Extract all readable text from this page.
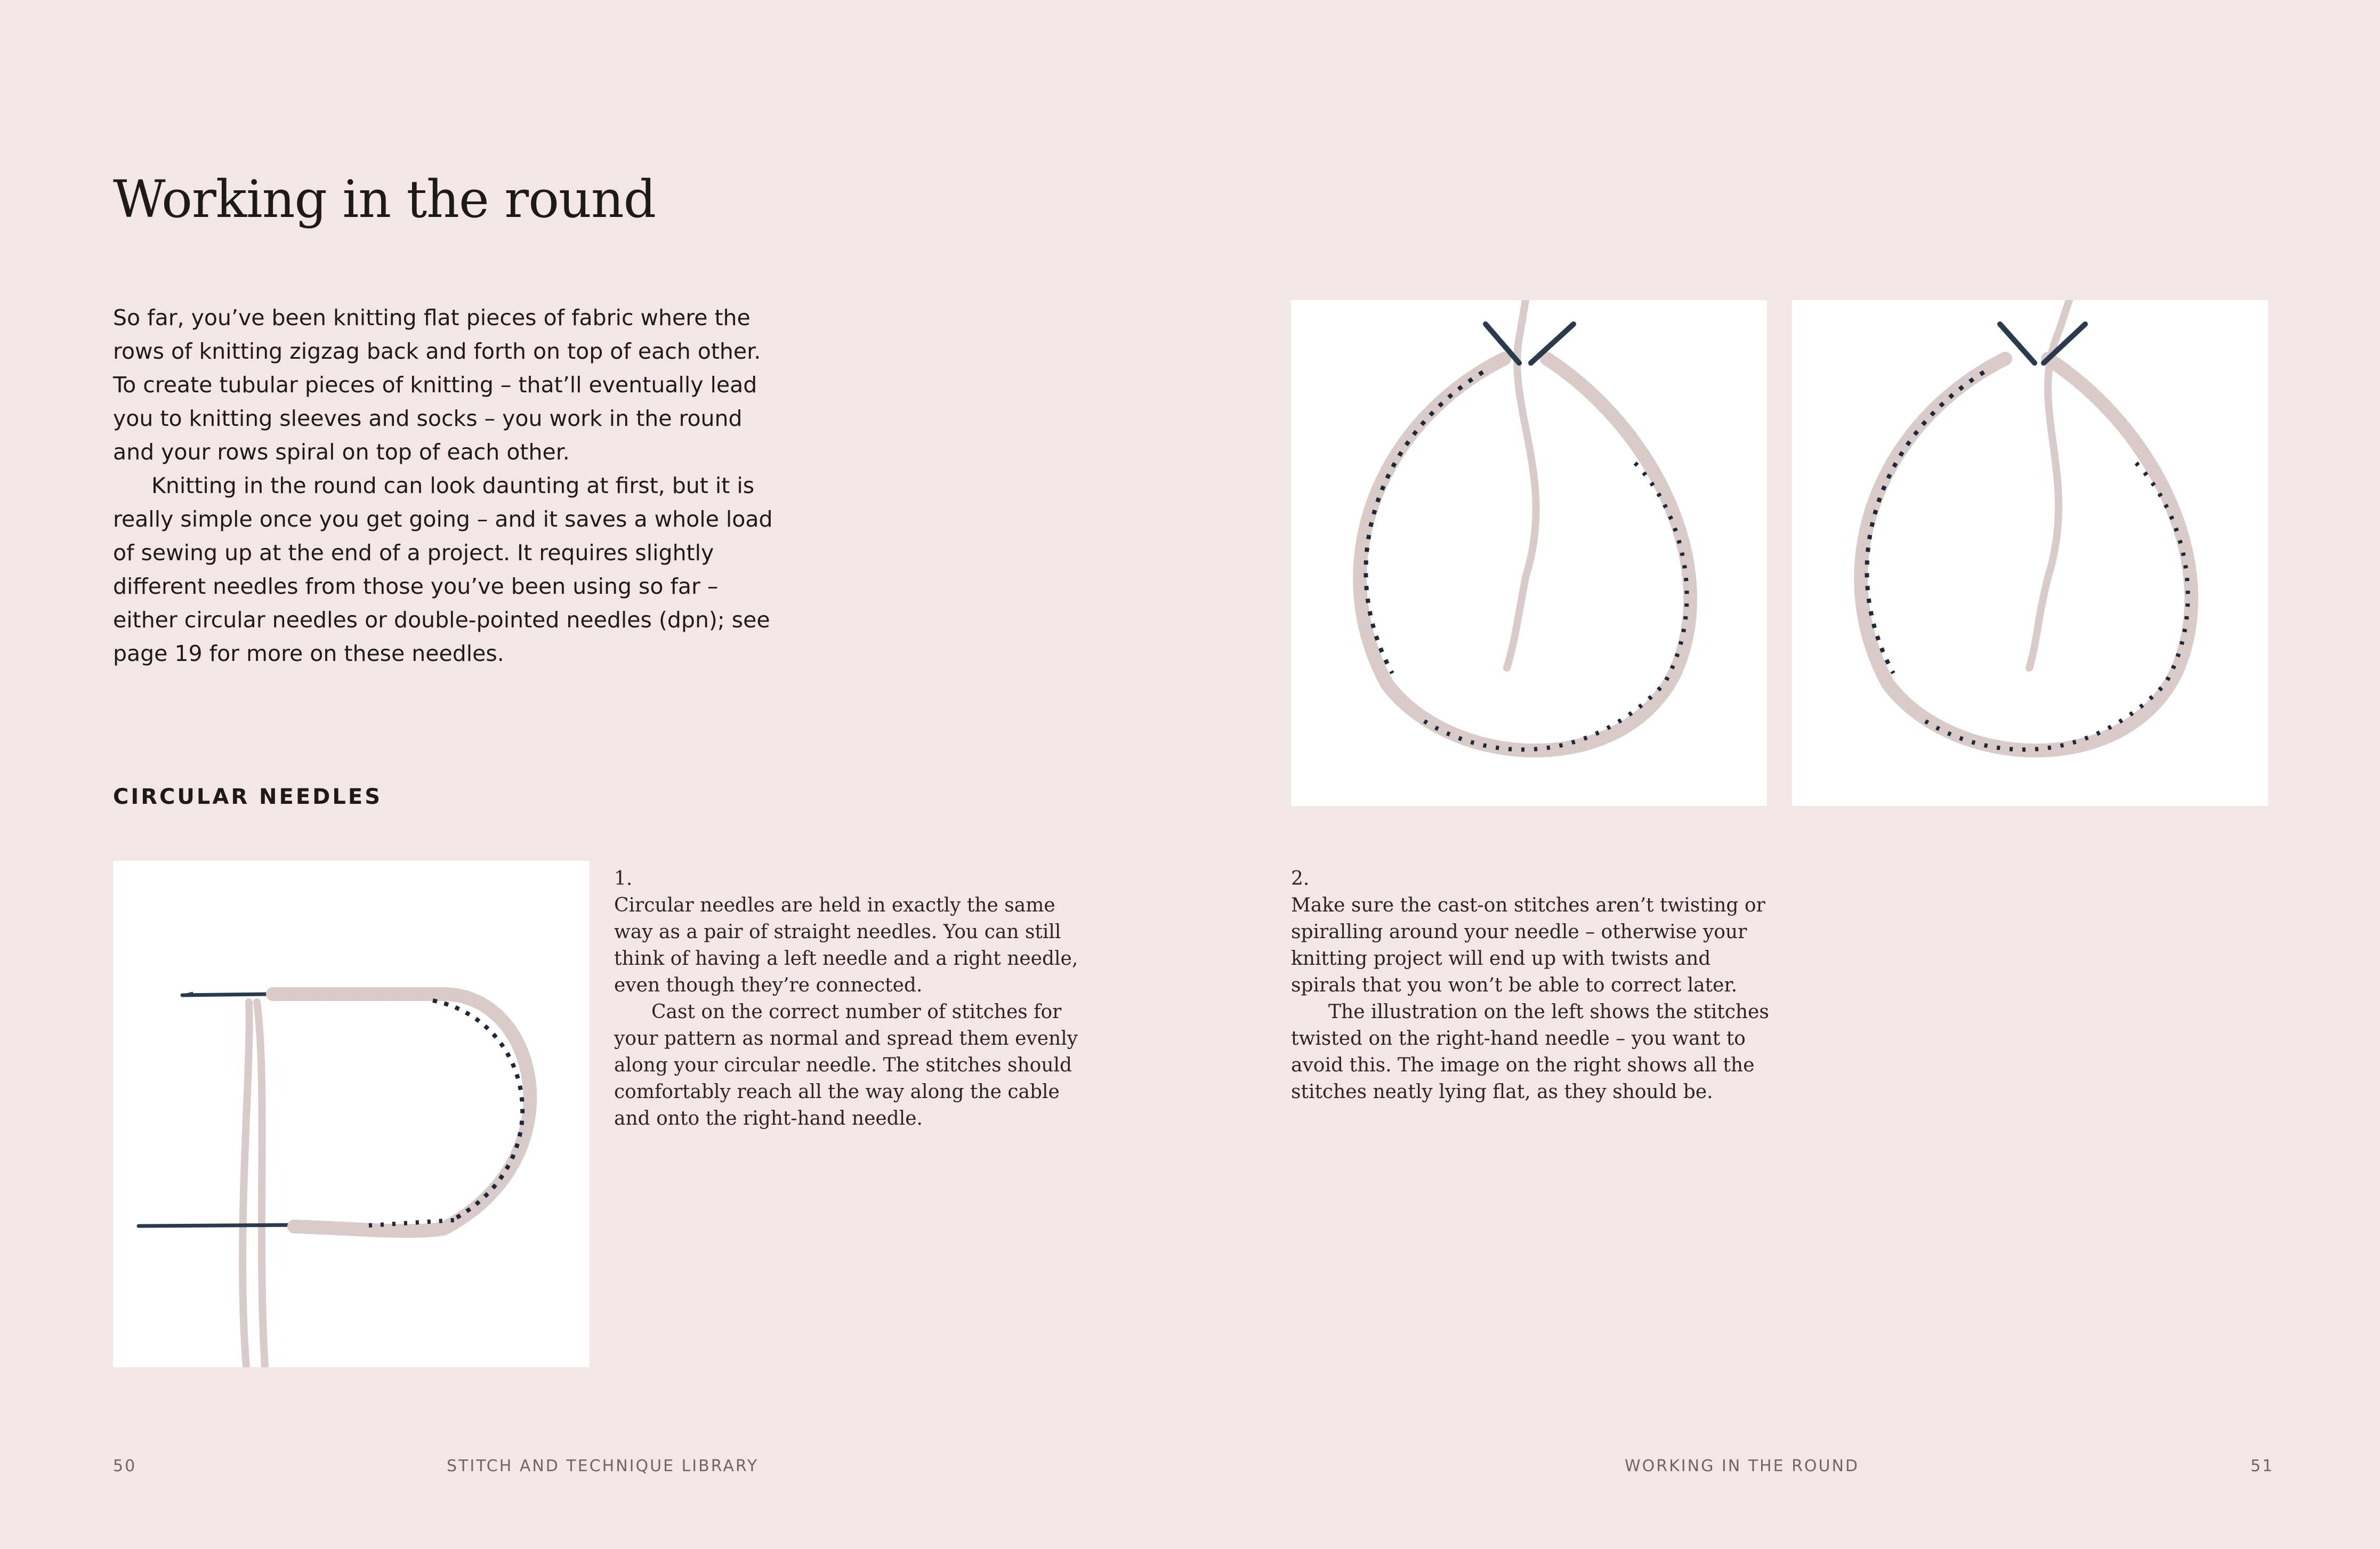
Working in the round

So far, you’ve been knitting flat pieces of fabric where the rows of knitting zigzag back and forth on top of each other. To create tubular pieces of knitting – that’ll eventually lead you to knitting sleeves and socks – you work in the round and your rows spiral on top of each other.

Knitting in the round can look daunting at first, but it is really simple once you get going – and it saves a whole load of sewing up at the end of a project. It requires slightly different needles from those you’ve been using so far – either circular needles or double-pointed needles (dpn); see page 19 for more on these needles.

CIRCULAR NEEDLES

1.

Circular needles are held in exactly the same way as a pair of straight needles. You can still think of having a left needle and a right needle, even though they’re connected.

Cast on the correct number of stitches for your pattern as normal and spread them evenly along your circular needle. The stitches should comfortably reach all the way along the cable and onto the right-hand needle.

2.

Make sure the cast-on stitches aren’t twisting or spiralling around your needle – otherwise your knitting project will end up with twists and spirals that you won’t be able to correct later.

The illustration on the left shows the stitches twisted on the right-hand needle – you want to avoid this. The image on the right shows all the stitches neatly lying flat, as they should be.

50	STITCH AND TECHNIQUE LIBRARY	WORKING IN THE ROUND	51
